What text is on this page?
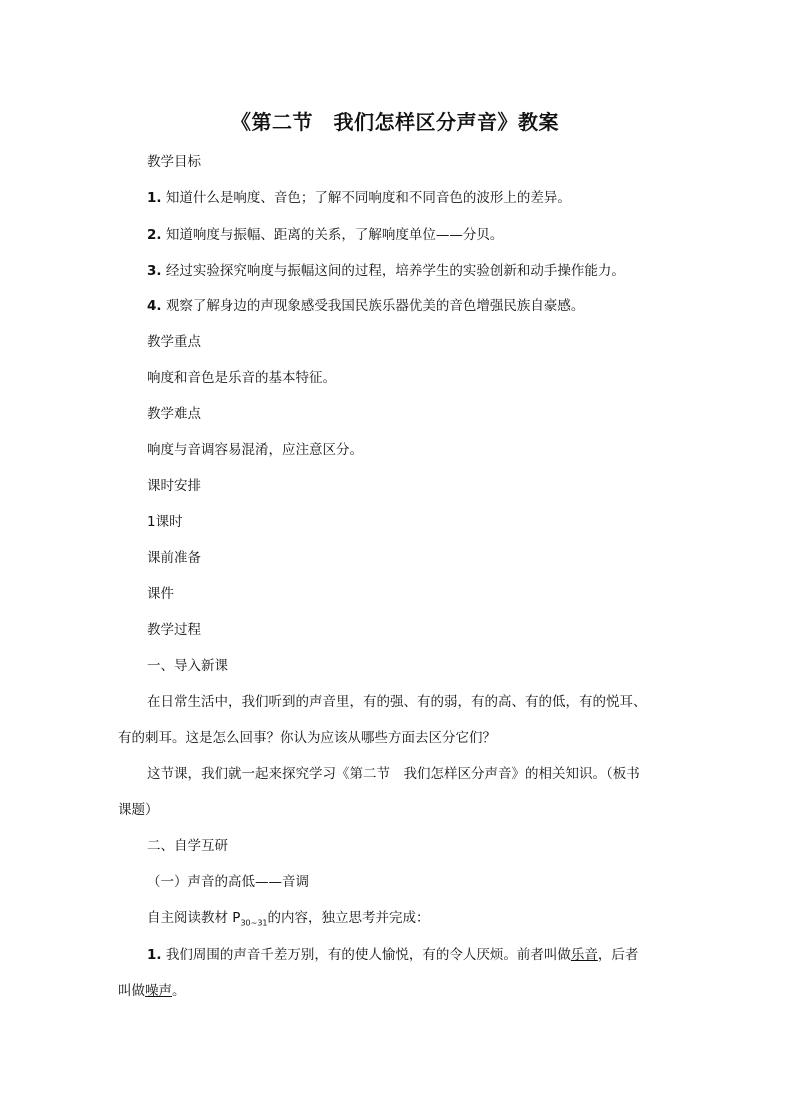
《第二节　我们怎样区分声音》教案
教学目标
1. 知道什么是响度、音色；了解不同响度和不同音色的波形上的差异。
2. 知道响度与振幅、距离的关系，了解响度单位——分贝。
3. 经过实验探究响度与振幅这间的过程，培养学生的实验创新和动手操作能力。
4. 观察了解身边的声现象感受我国民族乐器优美的音色增强民族自豪感。
教学重点
响度和音色是乐音的基本特征。
教学难点
响度与音调容易混淆，应注意区分。
课时安排
1课时
课前准备
课件
教学过程
一、导入新课
在日常生活中，我们听到的声音里，有的强、有的弱，有的高、有的低，有的悦耳、
有的刺耳。这是怎么回事？你认为应该从哪些方面去区分它们？
这节课，我们就一起来探究学习《第二节　我们怎样区分声音》的相关知识。（板书
课题）
二、自学互研
（一）声音的高低——音调
自主阅读教材 $P_{30\sim 31}$的内容，独立思考并完成：
1. 我们周围的声音千差万别，有的使人愉悦，有的令人厌烦。前者叫做乐音，后者
叫做噪声。
